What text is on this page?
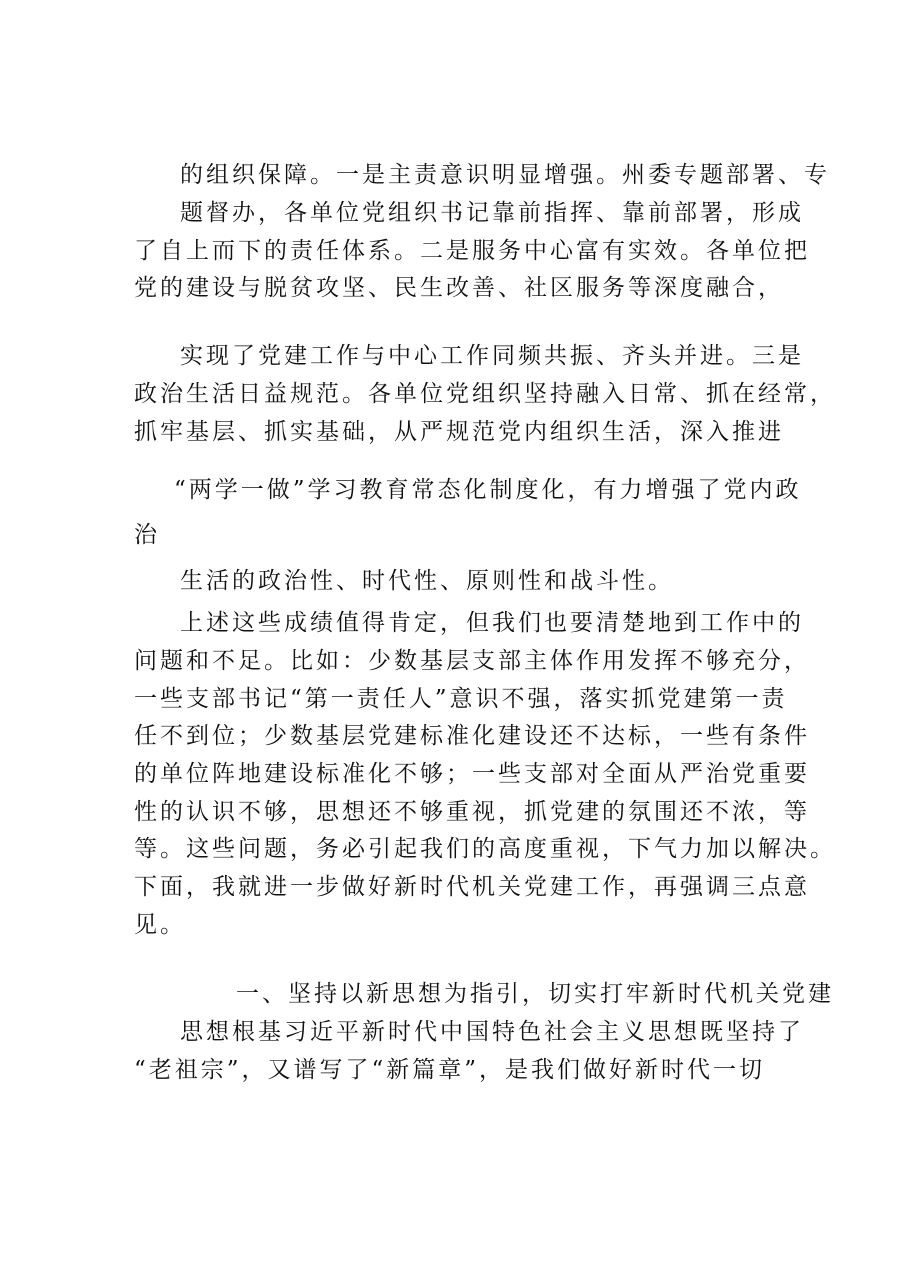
的组织保障。一是主责意识明显增强。州委专题部署、专
题督办，各单位党组织书记靠前指挥、靠前部署，形成
了自上而下的责任体系。二是服务中心富有实效。各单位把
党的建设与脱贫攻坚、民生改善、社区服务等深度融合，
实现了党建工作与中心工作同频共振、齐头并进。三是
政治生活日益规范。各单位党组织坚持融入日常、抓在经常，
抓牢基层、抓实基础，从严规范党内组织生活，深入推进
“两学一做”学习教育常态化制度化，有力增强了党内政
治
生活的政治性、时代性、原则性和战斗性。
上述这些成绩值得肯定，但我们也要清楚地到工作中的
问题和不足。比如：少数基层支部主体作用发挥不够充分，
一些支部书记“第一责任人”意识不强，落实抓党建第一责
任不到位；少数基层党建标准化建设还不达标，一些有条件
的单位阵地建设标准化不够；一些支部对全面从严治党重要
性的认识不够，思想还不够重视，抓党建的氛围还不浓，等
等。这些问题，务必引起我们的高度重视，下气力加以解决。
下面，我就进一步做好新时代机关党建工作，再强调三点意
见。
一、坚持以新思想为指引，切实打牢新时代机关党建
思想根基习近平新时代中国特色社会主义思想既坚持了
“老祖宗”，又谱写了“新篇章”，是我们做好新时代一切
